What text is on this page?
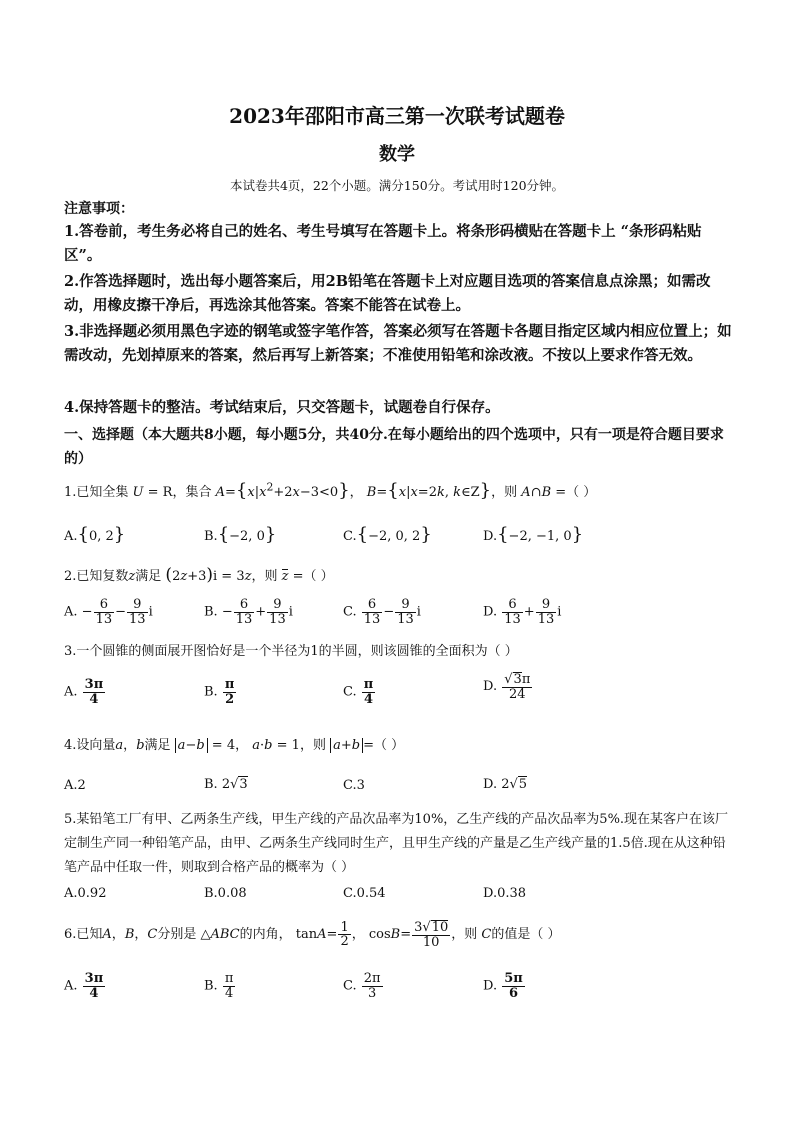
2023年邵阳市高三第一次联考试题卷
数学
本试卷共4页，22个小题。满分150分。考试用时120分钟。
注意事项：
1.答卷前，考生务必将自己的姓名、考生号填写在答题卡上。将条形码横贴在答题卡上 “条形码粘贴区”。
2.作答选择题时，选出每小题答案后，用2B铅笔在答题卡上对应题目选项的答案信息点涂黑；如需改动，用橡皮擦干净后，再选涂其他答案。答案不能答在试卷上。
3.非选择题必须用黑色字迹的钢笔或签字笔作答，答案必须写在答题卡各题目指定区域内相应位置上；如需改动，先划掉原来的答案，然后再写上新答案；不准使用铅笔和涂改液。不按以上要求作答无效。
4.保持答题卡的整洁。考试结束后，只交答题卡，试题卷自行保存。
一、选择题（本大题共8小题，每小题5分，共40分.在每小题给出的四个选项中，只有一项是符合题目要求的）
1.已知全集 U = R，集合 $A=\{x|x^2+2x-3<0\}$， B={x|x=2k, k∈Z}，则 A∩B =（ ）
A.{0, 2}	B.{−2, 0}	C.{−2, 0, 2}	D.{−2, −1, 0}
2.已知复数z满足 (2z+3)i = 3z，则 z =（ ）
A. − $\frac{6}{13} - \frac{9}{13}$ i	B. − $\frac{6}{13} + \frac{9}{13}$ i	C. $\frac{6}{13} - \frac{9}{13}$ i	D. $\frac{6}{13} + \frac{9}{13}$ i
3.一个圆锥的侧面展开图恰好是一个半径为1的半圆，则该圆锥的全面积为（ ）
A. $\frac{3\pi}{4}$	B. $\frac{\pi}{2}$	C. $\frac{\pi}{4}$	D. $\frac{√3\pi}{24}$
4.设向量a，b满足 a−b = 4， a·b = 1，则 a+b =（ ）
A.2	B. 2√3	C.3	D. 2√5
5.某铅笔工厂有甲、乙两条生产线，甲生产线的产品次品率为10%，乙生产线的产品次品率为5%.现在某客户在该厂定制生产同一种铅笔产品，由甲、乙两条生产线同时生产，且甲生产线的产量是乙生产线产量的1.5倍.现在从这种铅笔产品中任取一件，则取到合格产品的概率为（ ）
A.0.92	B.0.08	C.0.54	D.0.38
6.已知A，B，C分别是 △ABC的内角， $\tan A= \frac{1}{2}$ ， $\cos B= \frac{3√10}{10}$ ，则 C的值是（ ）
A. $\frac{3\pi}{4}$	B. $\frac{\pi}{4}$	C. $\frac{2\pi}{3}$	D. $\frac{5\pi}{6}$
